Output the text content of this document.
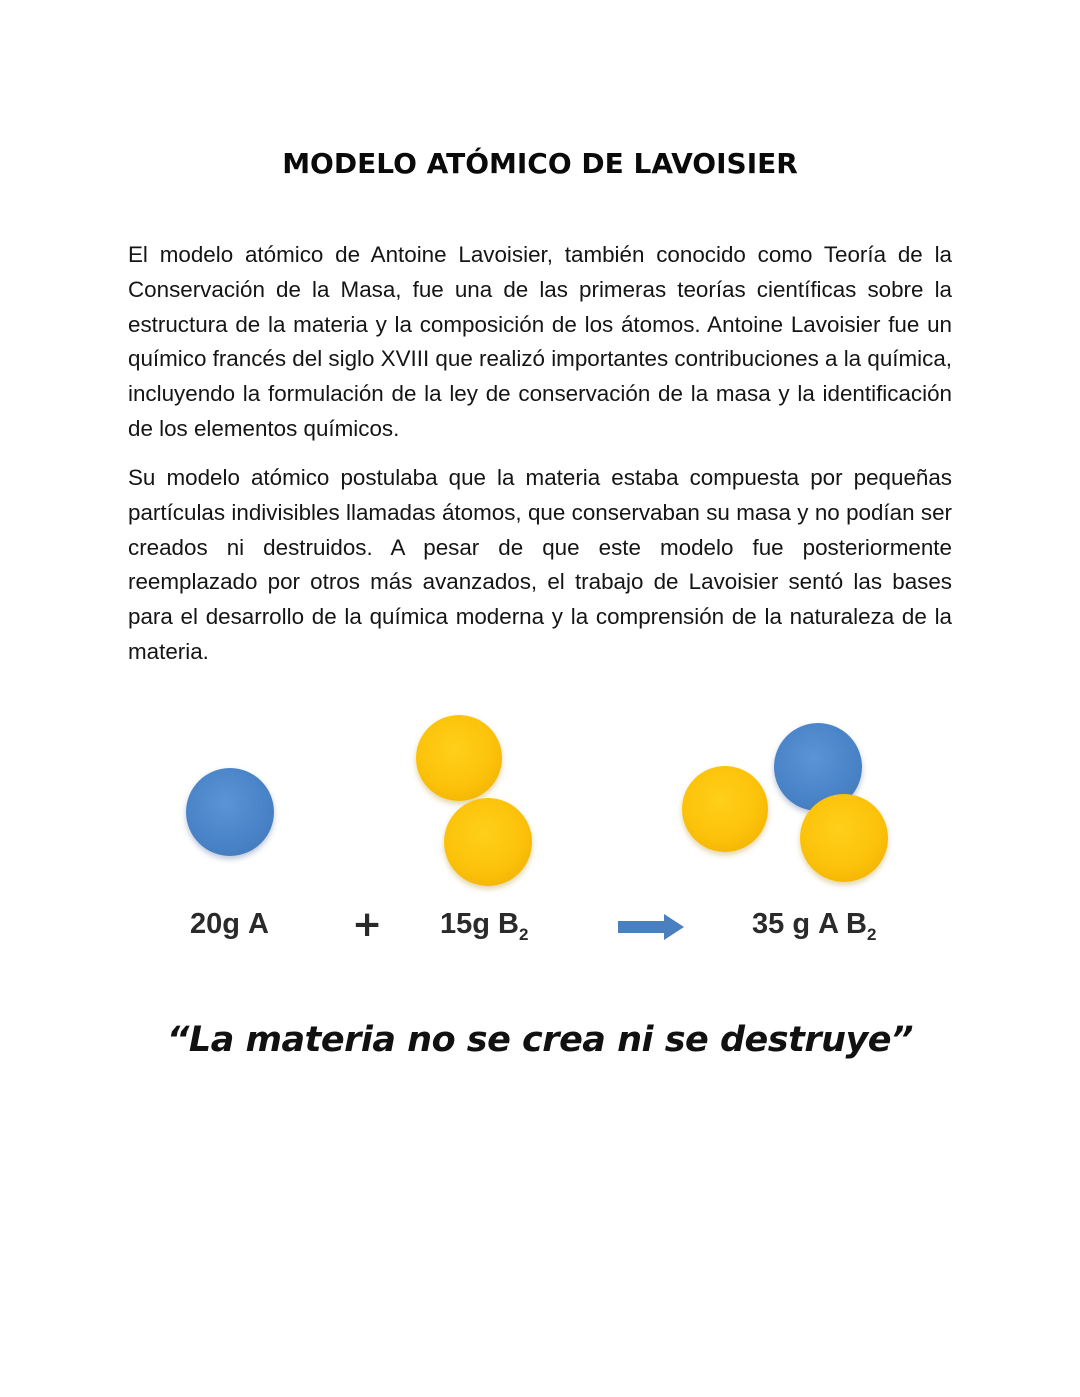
MODELO ATÓMICO DE LAVOISIER

El modelo atómico de Antoine Lavoisier, también conocido como Teoría de la Conservación de la Masa, fue una de las primeras teorías científicas sobre la estructura de la materia y la composición de los átomos. Antoine Lavoisier fue un químico francés del siglo XVIII que realizó importantes contribuciones a la química, incluyendo la formulación de la ley de conservación de la masa y la identificación de los elementos químicos.

Su modelo atómico postulaba que la materia estaba compuesta por pequeñas partículas indivisibles llamadas átomos, que conservaban su masa y no podían ser creados ni destruidos. A pesar de que este modelo fue posteriormente reemplazado por otros más avanzados, el trabajo de Lavoisier sentó las bases para el desarrollo de la química moderna y la comprensión de la naturaleza de la materia.

20g A + 15g $B_2$	35 g A $B_2$
“La materia no se crea ni se destruye”
